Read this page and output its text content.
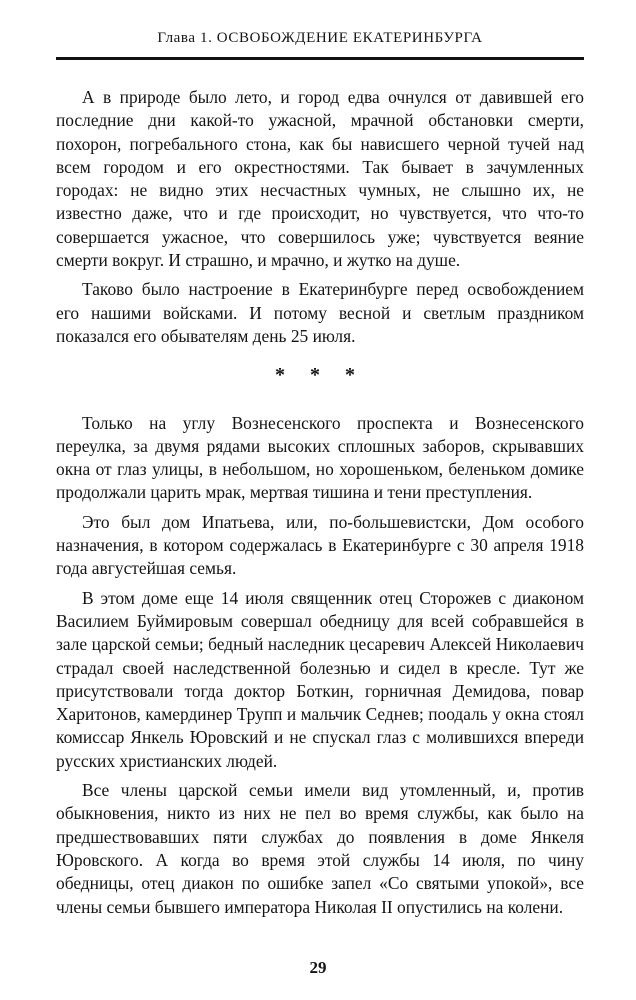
Глава 1. ОСВОБОЖДЕНИЕ ЕКАТЕРИНБУРГА

А в природе было лето, и город едва очнулся от давившей его последние дни какой-то ужасной, мрачной обстановки смерти, похорон, погребального стона, как бы нависшего черной тучей над всем городом и его окрестностями. Так бывает в зачумленных городах: не видно этих несчастных чумных, не слышно их, не известно даже, что и где происходит, но чувствуется, что что-то совершается ужасное, что совершилось уже; чувствуется веяние смерти вокруг. И страшно, и мрачно, и жутко на душе.

Таково было настроение в Екатеринбурге перед освобождением его нашими войсками. И потому весной и светлым праздником показался его обывателям день 25 июля.

* * *

Только на углу Вознесенского проспекта и Вознесенского переулка, за двумя рядами высоких сплошных заборов, скрывавших окна от глаз улицы, в небольшом, но хорошеньком, беленьком домике продолжали царить мрак, мертвая тишина и тени преступления.

Это был дом Ипатьева, или, по-большевистски, Дом особого назначения, в котором содержалась в Екатеринбурге с 30 апреля 1918 года августейшая семья.

В этом доме еще 14 июля священник отец Сторожев с диаконом Василием Буймировым совершал обедницу для всей собравшейся в зале царской семьи; бедный наследник цесаревич Алексей Николаевич страдал своей наследственной болезнью и сидел в кресле. Тут же присутствовали тогда доктор Боткин, горничная Демидова, повар Харитонов, камердинер Трупп и мальчик Седнев; поодаль у окна стоял комиссар Янкель Юровский и не спускал глаз с молившихся впереди русских христианских людей.

Все члены царской семьи имели вид утомленный, и, против обыкновения, никто из них не пел во время службы, как было на предшествовавших пяти службах до появления в доме Янкеля Юровского. А когда во время этой службы 14 июля, по чину обедницы, отец диакон по ошибке запел «Со святыми упокой», все члены семьи бывшего императора Николая II опустились на колени.

29
